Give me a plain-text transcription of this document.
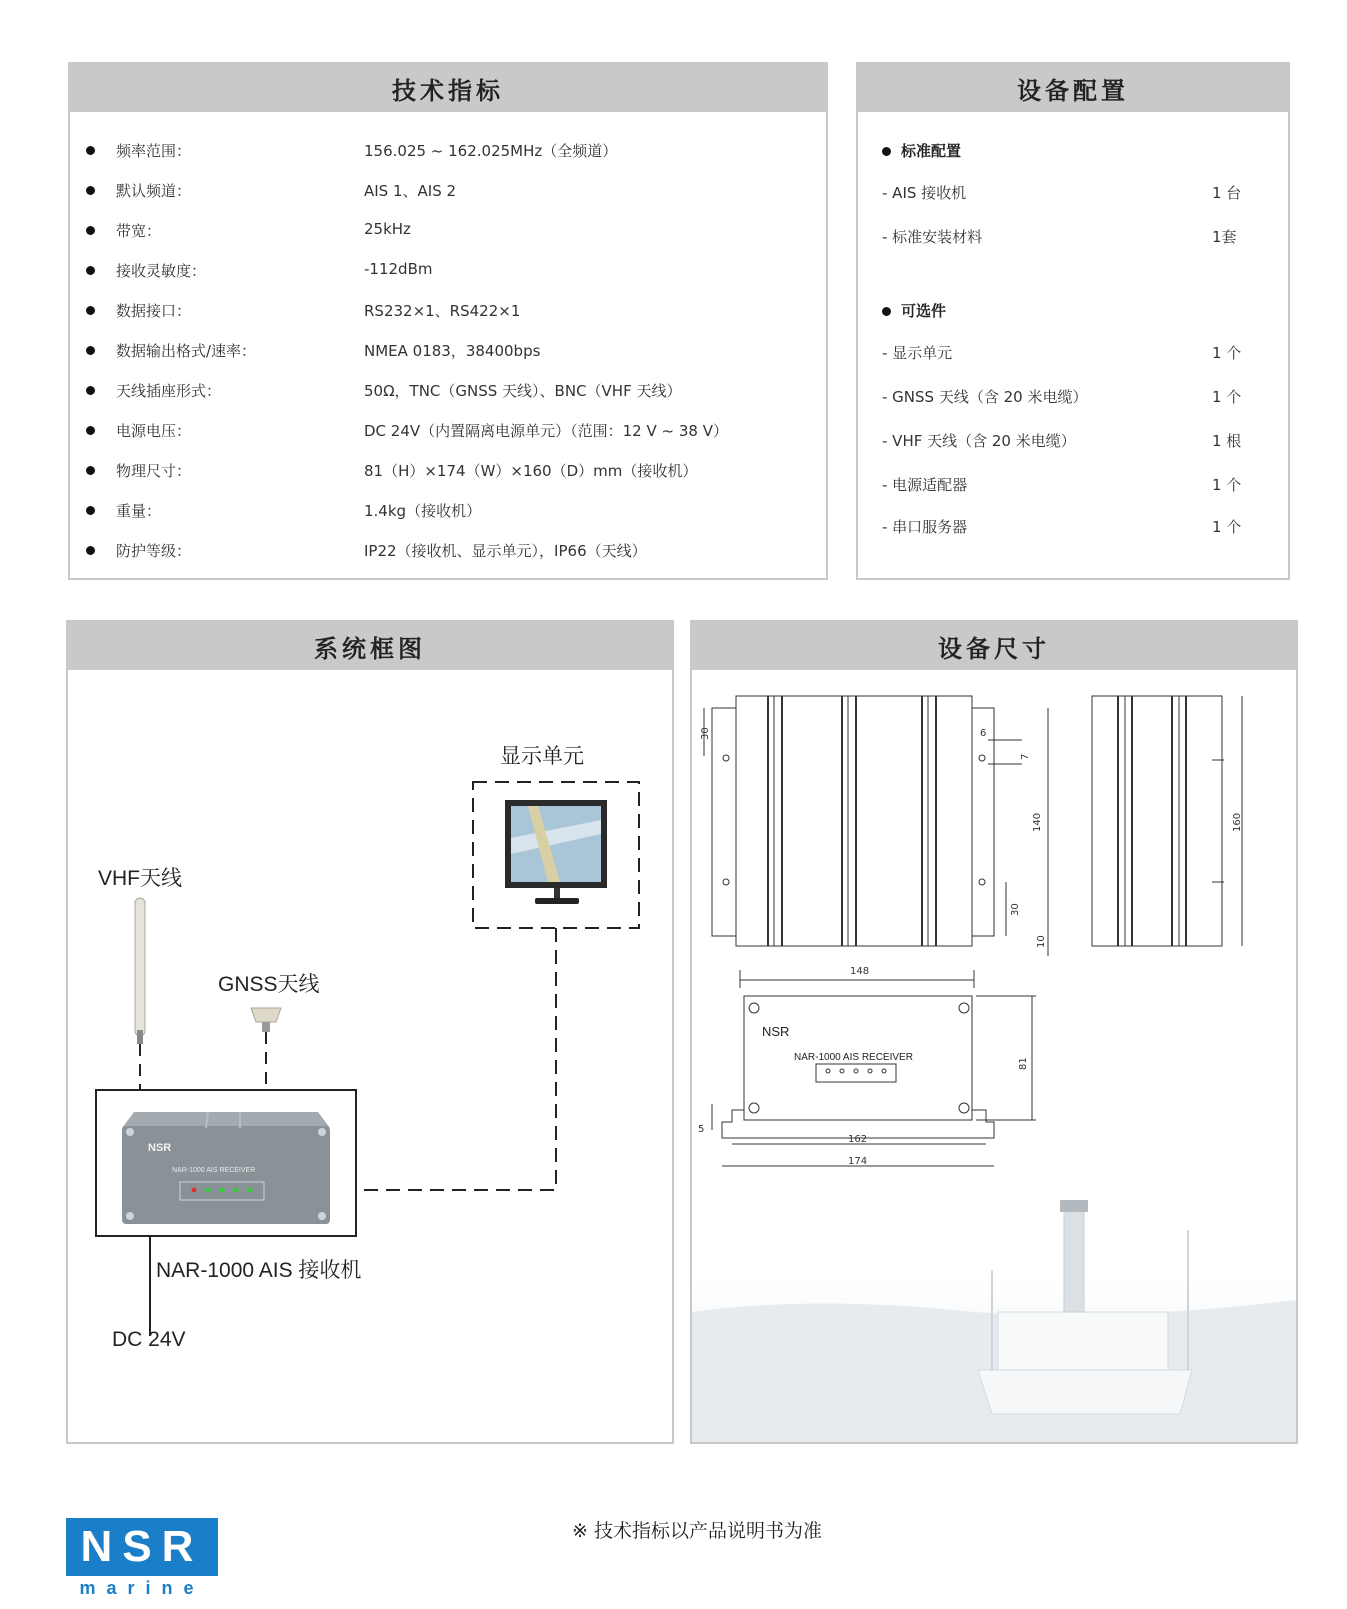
技术指标
频率范围：	156.025 ~ 162.025MHz（全频道）
默认频道：	AIS 1、AIS 2
带宽：	25kHz
接收灵敏度：	-112dBm
数据接口：	RS232×1、RS422×1
数据输出格式/速率：	NMEA 0183，38400bps
天线插座形式：	50Ω，TNC（GNSS 天线）、BNC（VHF 天线）
电源电压：	DC 24V（内置隔离电源单元）（范围：12 V ~ 38 V）
物理尺寸：	81（H）×174（W）×160（D）mm（接收机）
重量：	1.4kg（接收机）
防护等级：	IP22（接收机、显示单元），IP66（天线）
设备配置
标准配置
- AIS 接收机	1 台
- 标准安装材料	1套
可选件
- 显示单元	1 个
- GNSS 天线（含 20 米电缆）	1 个
- VHF 天线（含 20 米电缆）	1 根
- 电源适配器	1 个
- 串口服务器	1 个
系统框图
NSR
NAR-1000 AIS RECEIVER
显示单元
VHF天线
GNSS天线
NAR-1000 AIS 接收机
DC 24V
设备尺寸
30	6
7
140
30
10
160
148
NSR
NAR-1000 AIS RECEIVER	81
5
162
174
NSR
marine
※ 技术指标以产品说明书为准
